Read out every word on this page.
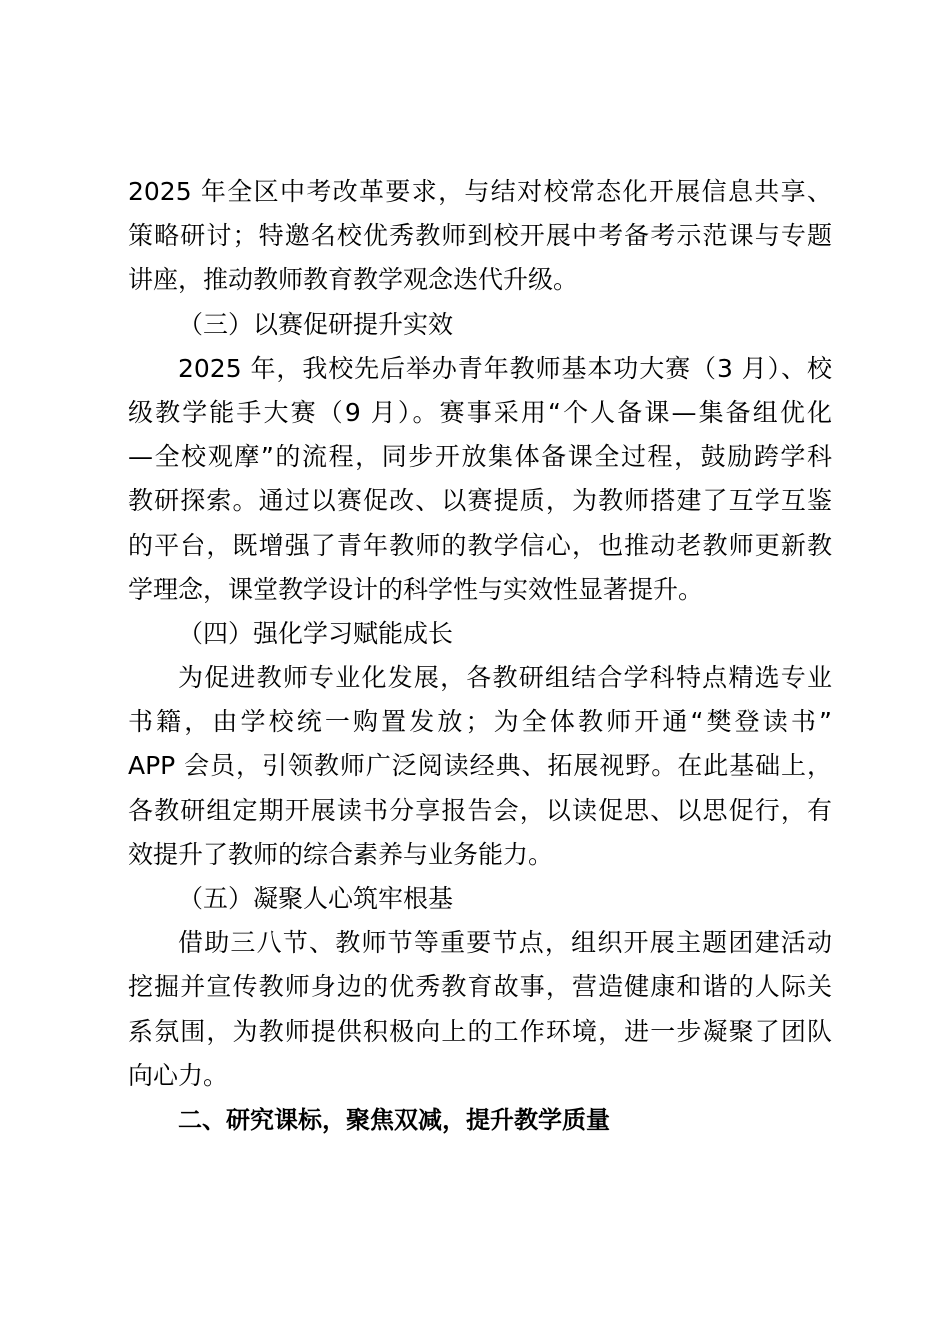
2025 年全区中考改革要求，与结对校常态化开展信息共享、
策略研讨；特邀名校优秀教师到校开展中考备考示范课与专题
讲座，推动教师教育教学观念迭代升级。
（三）以赛促研提升实效
2025 年，我校先后举办青年教师基本功大赛（3 月）、校
级教学能手大赛（9 月）。赛事采用“个人备课—集备组优化
—全校观摩”的流程，同步开放集体备课全过程，鼓励跨学科
教研探索。通过以赛促改、以赛提质，为教师搭建了互学互鉴
的平台，既增强了青年教师的教学信心，也推动老教师更新教
学理念，课堂教学设计的科学性与实效性显著提升。
（四）强化学习赋能成长
为促进教师专业化发展，各教研组结合学科特点精选专业
书籍，由学校统一购置发放；为全体教师开通“樊登读书”
APP 会员，引领教师广泛阅读经典、拓展视野。在此基础上，
各教研组定期开展读书分享报告会，以读促思、以思促行，有
效提升了教师的综合素养与业务能力。
（五）凝聚人心筑牢根基
借助三八节、教师节等重要节点，组织开展主题团建活动
挖掘并宣传教师身边的优秀教育故事，营造健康和谐的人际关
系氛围，为教师提供积极向上的工作环境，进一步凝聚了团队
向心力。
二、研究课标，聚焦双减，提升教学质量
